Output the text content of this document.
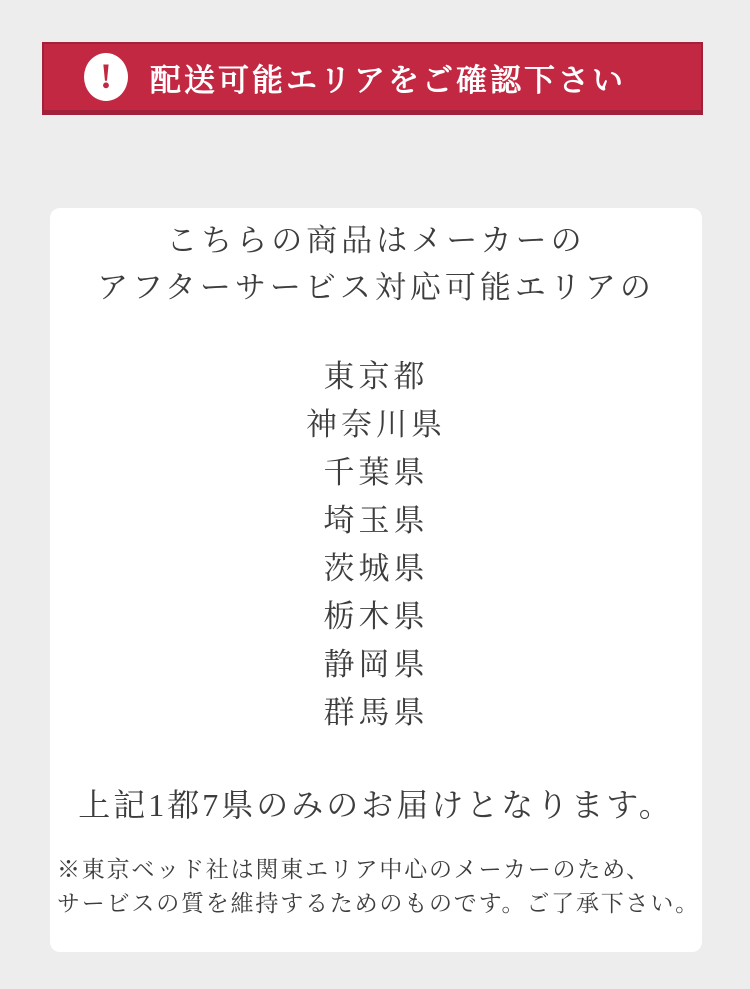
! 配送可能エリアをご確認下さい
こちらの商品はメーカーの
アフターサービス対応可能エリアの
東京都
神奈川県
千葉県
埼玉県
茨城県
栃木県
静岡県
群馬県
上記1都7県のみのお届けとなります。
※東京ベッド社は関東エリア中心のメーカーのため、
サービスの質を維持するためのものです。ご了承下さい。
